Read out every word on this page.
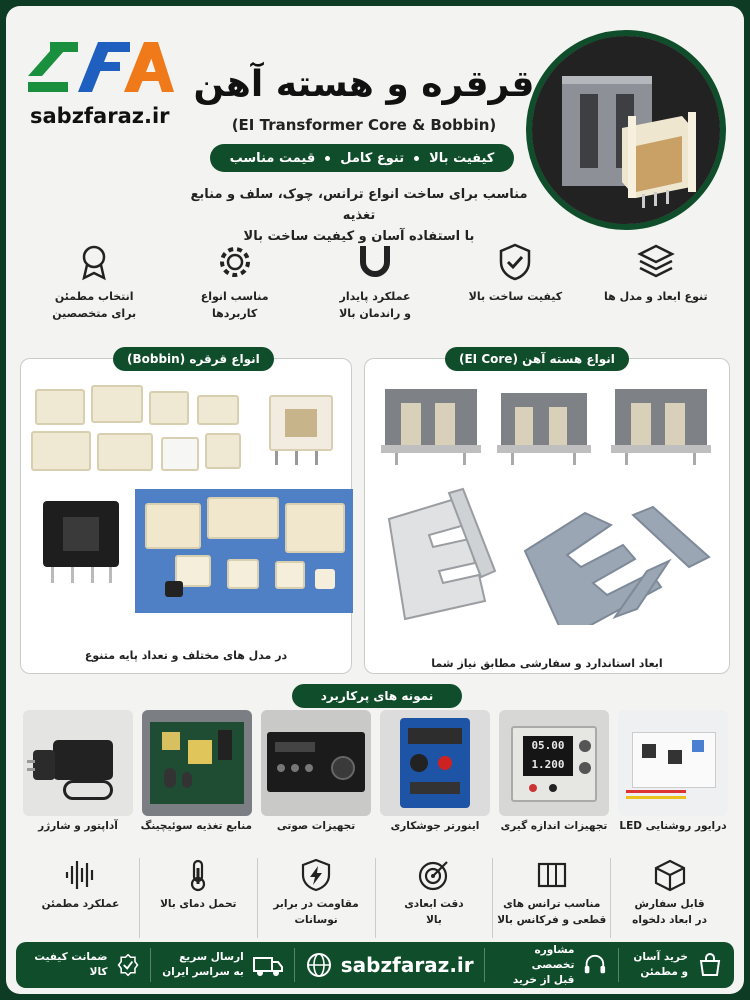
sabzfaraz.ir
قرقره و هسته آهن
(EI Transformer Core & Bobbin)
کیفیت بالا
تنوع کامل
قیمت مناسب
مناسب برای ساخت انواع ترانس، چوک، سلف و منابع تغذیه
با استفاده آسان و کیفیت ساخت بالا
انتخاب مطمئن
برای متخصصین
مناسب انواع
کاربردها
عملکرد پایدار
و راندمان بالا
کیفیت ساخت بالا	تنوع ابعاد و مدل ها
انواع قرقره (Bobbin)
در مدل های مختلف و تعداد پایه متنوع
انواع هسته آهن (EI Core)
ابعاد استاندارد و سفارشی مطابق نیاز شما
نمونه های پرکاربرد
درایور روشنایی LED
05.00
1.200
تجهیزات اندازه گیری
اینورتر جوشکاری
تجهیزات صوتی
منابع تغذیه سوئیچینگ
آداپتور و شارژر
قابل سفارش
در ابعاد دلخواه
مناسب ترانس های
قطعی و فرکانس بالا
دقت ابعادی
بالا
مقاومت در برابر
نوسانات
تحمل دمای بالا
عملکرد مطمئن
خرید آسان
و مطمئن
مشاوره تخصصی
قبل از خرید
sabzfaraz.ir
ارسال سریع
به سراسر ایران
ضمانت کیفیت کالا
